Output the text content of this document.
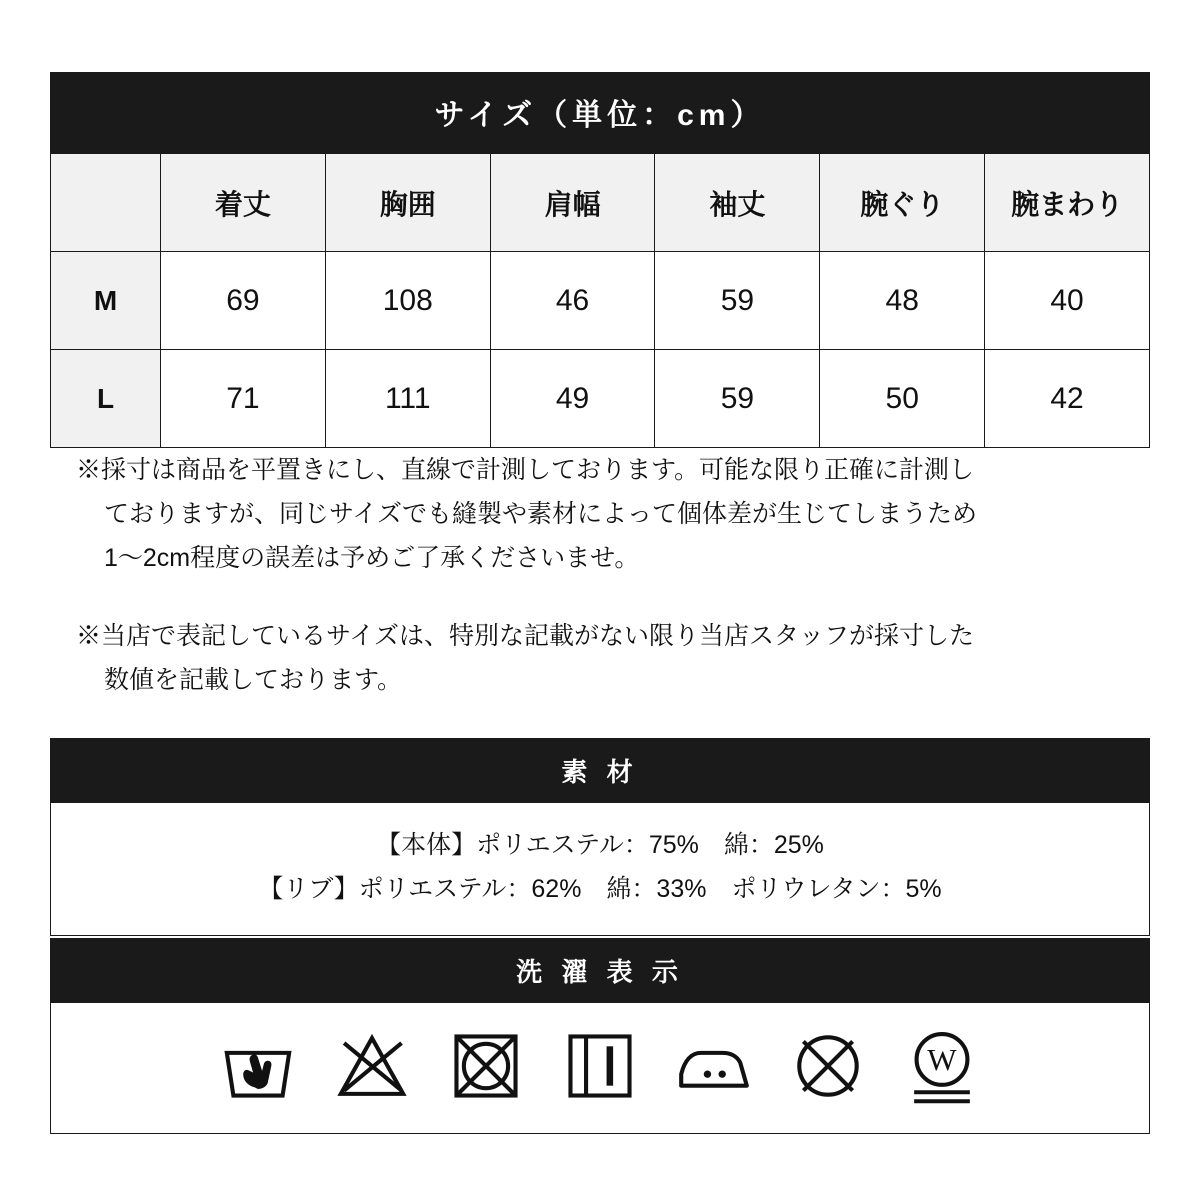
サイズ（単位：cm）
	着丈	胸囲	肩幅	袖丈	腕ぐり	腕まわり
M	69	108	46	59	48	40
L	71	111	49	59	50	42
※採寸は商品を平置きにし、直線で計測しております。可能な限り正確に計測し
ておりますが、同じサイズでも縫製や素材によって個体差が生じてしまうため
1〜2cm程度の誤差は予めご了承くださいませ。
※当店で表記しているサイズは、特別な記載がない限り当店スタッフが採寸した
数値を記載しております。
素 材
【本体】ポリエステル：75%　綿：25%
【リブ】ポリエステル：62%　綿：33%　ポリウレタン：5%
洗 濯 表 示
W
